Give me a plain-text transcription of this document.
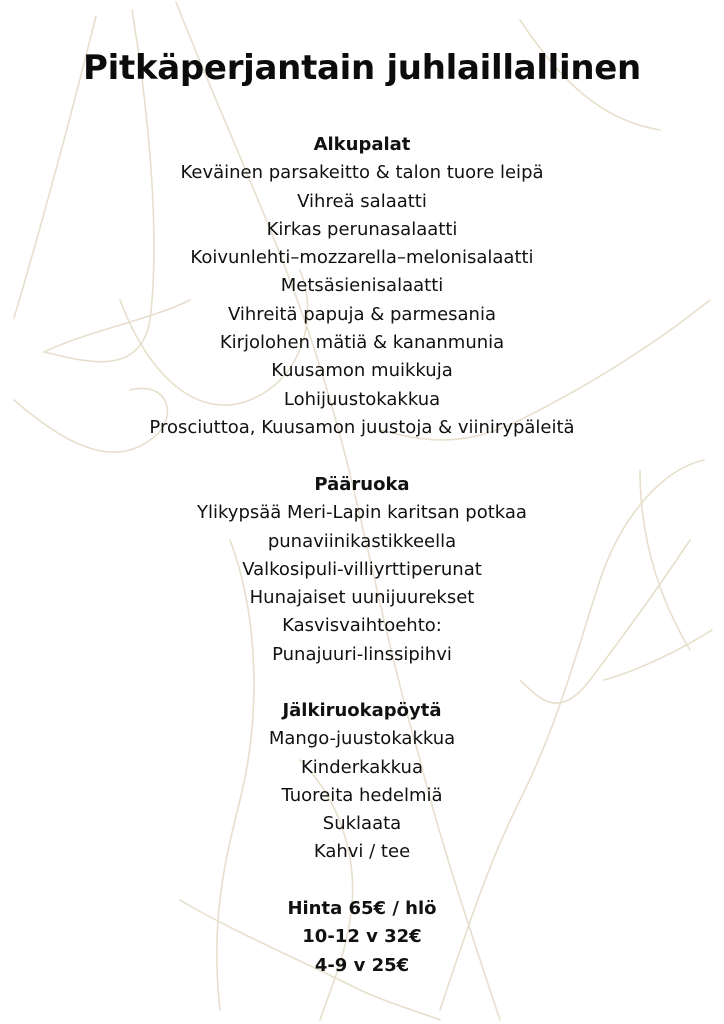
Pitkäperjantain juhlaillallinen

Alkupalat

Keväinen parsakeitto & talon tuore leipä

Vihreä salaatti

Kirkas perunasalaatti

Koivunlehti–mozzarella–melonisalaatti

Metsäsienisalaatti

Vihreitä papuja & parmesania

Kirjolohen mätiä & kananmunia

Kuusamon muikkuja

Lohijuustokakkua

Prosciuttoa, Kuusamon juustoja & viinirypäleitä

Pääruoka

Ylikypsää Meri-Lapin karitsan potkaa

punaviinikastikkeella

Valkosipuli-villiyrttiperunat

Hunajaiset uunijuurekset

Kasvisvaihtoehto:

Punajuuri-linssipihvi

Jälkiruokapöytä

Mango-juustokakkua

Kinderkakkua

Tuoreita hedelmiä

Suklaata

Kahvi / tee

Hinta 65€ / hlö

10-12 v 32€

4-9 v 25€
